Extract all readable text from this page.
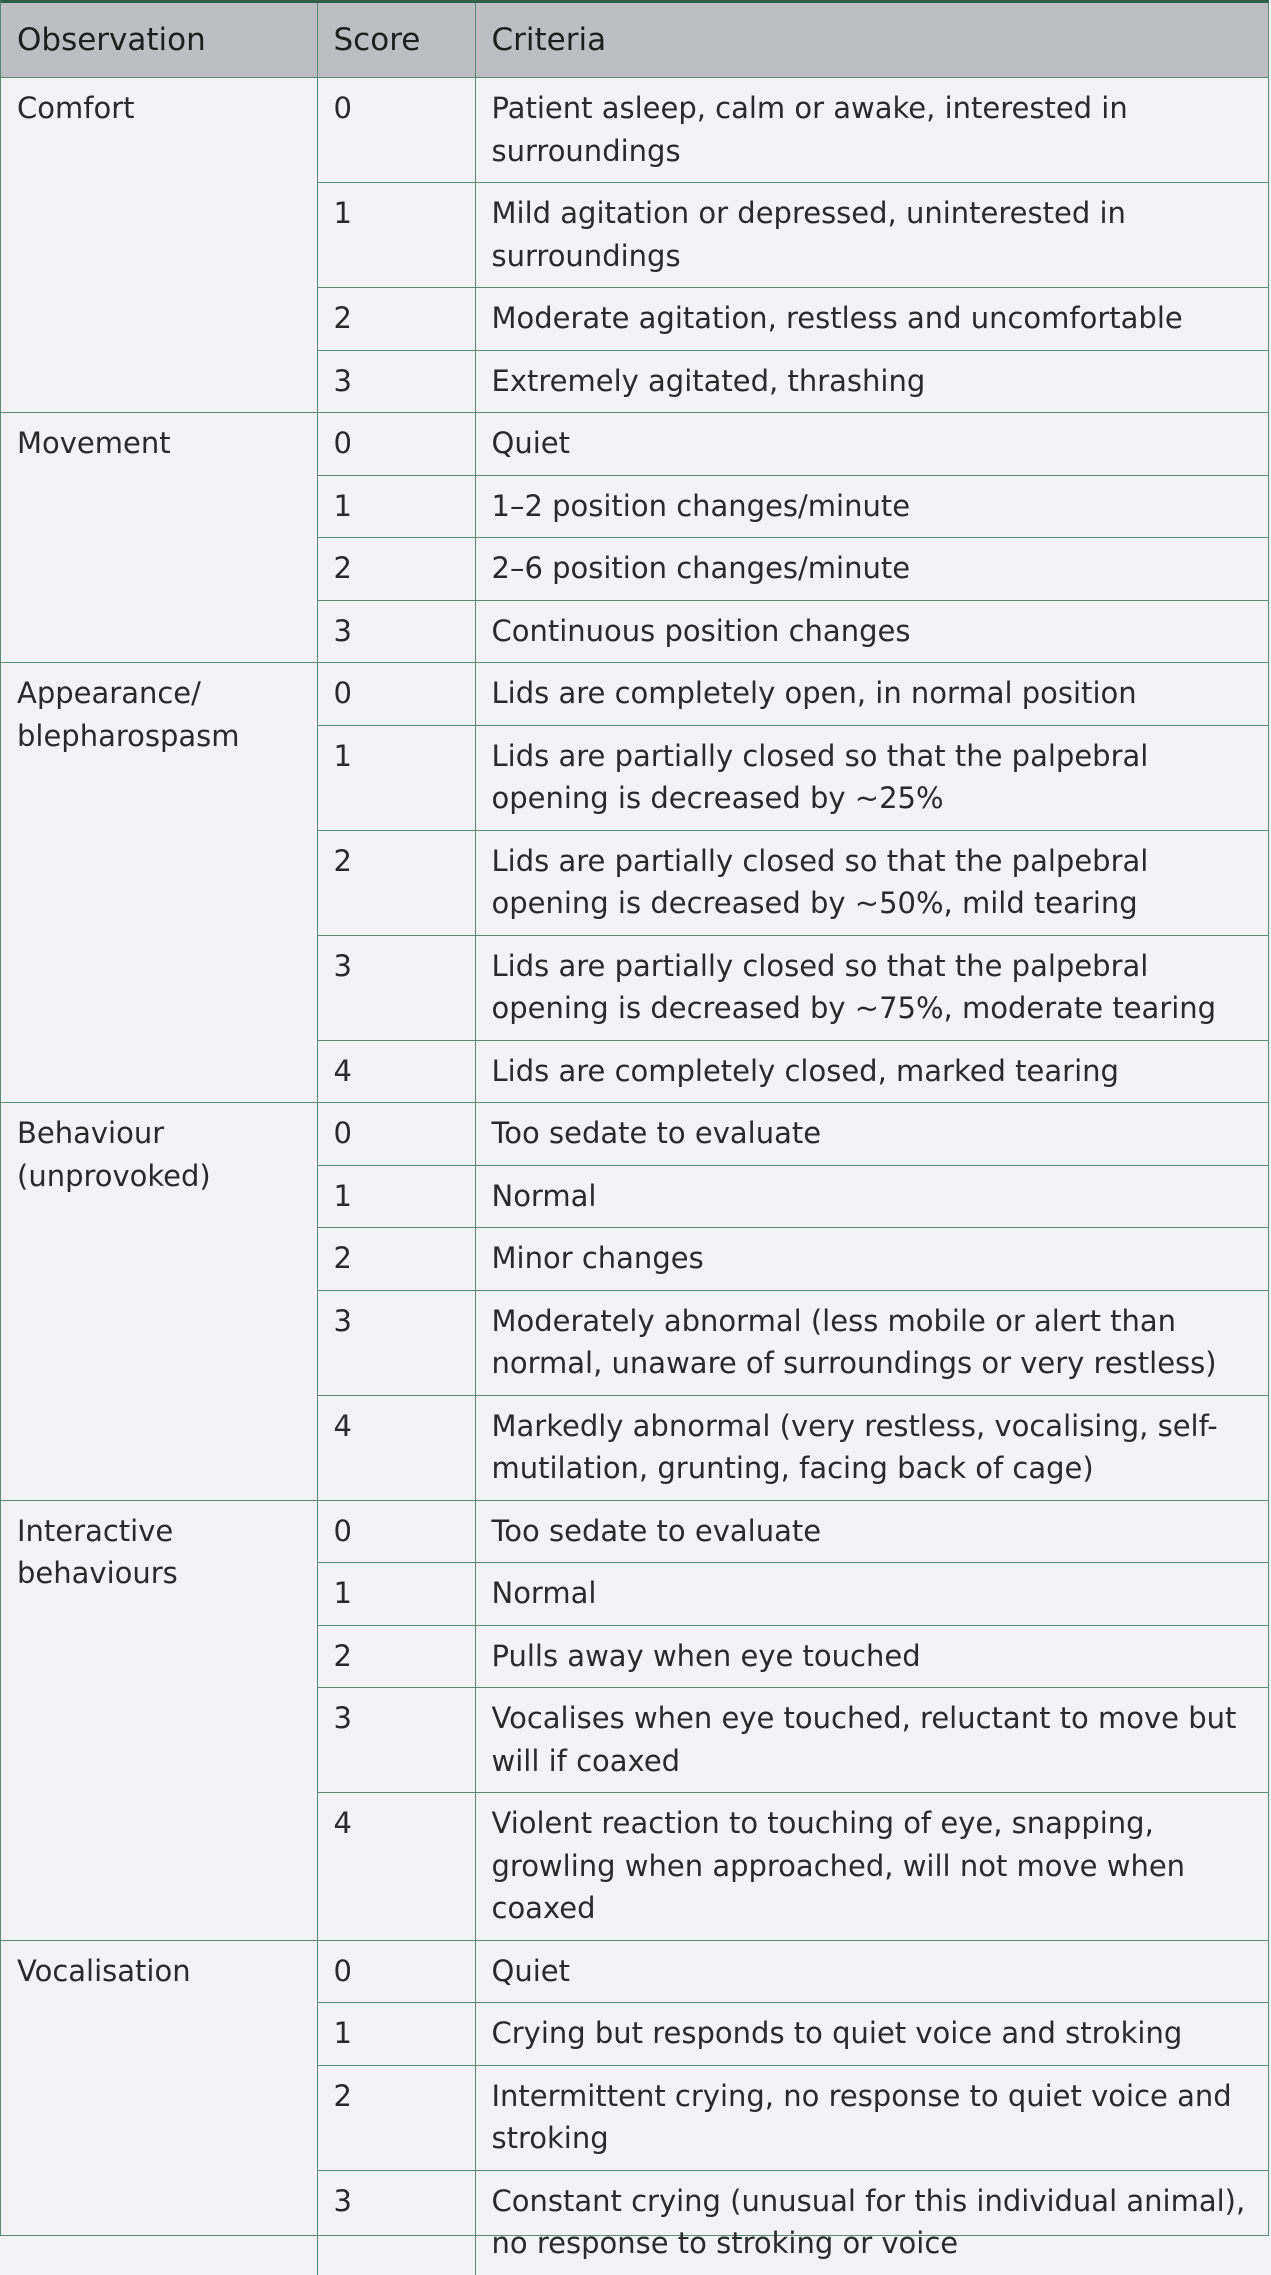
Observation	Score	Criteria
Comfort	0	Patient asleep, calm or awake, interested in surroundings
	1	Mild agitation or depressed, uninterested in surroundings
	2	Moderate agitation, restless and uncomfortable
	3	Extremely agitated, thrashing
Movement	0	Quiet
	1	1–2 position changes/minute
	2	2–6 position changes/minute
	3	Continuous position changes
Appearance/ blepharospasm	0	Lids are completely open, in normal position
	1	Lids are partially closed so that the palpebral opening is decreased by ~25%
	2	Lids are partially closed so that the palpebral opening is decreased by ~50%, mild tearing
	3	Lids are partially closed so that the palpebral opening is decreased by ~75%, moderate tearing
	4	Lids are completely closed, marked tearing
Behaviour (unprovoked)	0	Too sedate to evaluate
	1	Normal
	2	Minor changes
	3	Moderately abnormal (less mobile or alert than normal, unaware of surroundings or very restless)
	4	Markedly abnormal (very restless, vocalising, self-mutilation, grunting, facing back of cage)
Interactive behaviours	0	Too sedate to evaluate
	1	Normal
	2	Pulls away when eye touched
	3	Vocalises when eye touched, reluctant to move but will if coaxed
	4	Violent reaction to touching of eye, snapping, growling when approached, will not move when coaxed
Vocalisation	0	Quiet
	1	Crying but responds to quiet voice and stroking
	2	Intermittent crying, no response to quiet voice and stroking
	3	Constant crying (unusual for this individual animal), no response to stroking or voice
